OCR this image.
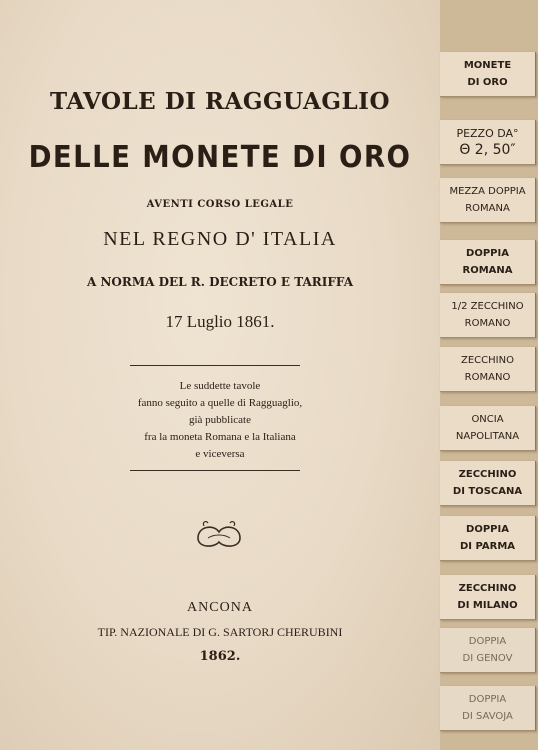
TAVOLE DI RAGGUAGLIO
DELLE MONETE DI ORO
AVENTI CORSO LEGALE
NEL REGNO D' ITALIA
A NORMA DEL R. DECRETO E TARIFFA
17 Luglio 1861.
Le suddette tavole
fanno seguito a quelle di Ragguaglio,
già pubblicate
fra la moneta Romana e la Italiana
e viceversa
ANCONA
TIP. NAZIONALE DI G. SARTORJ CHERUBINI
1862.
MONETE
DI ORO
PEZZO DA°
Θ 2, 50″
MEZZA DOPPIA
ROMANA
DOPPIA
ROMANA
1/2 ZECCHINO
ROMANO
ZECCHINO
ROMANO
ONCIA
NAPOLITANA
ZECCHINO
DI TOSCANA
DOPPIA
DI PARMA
ZECCHINO
DI MILANO
DOPPIA
DI GENOV
DOPPIA
DI SAVOJA
